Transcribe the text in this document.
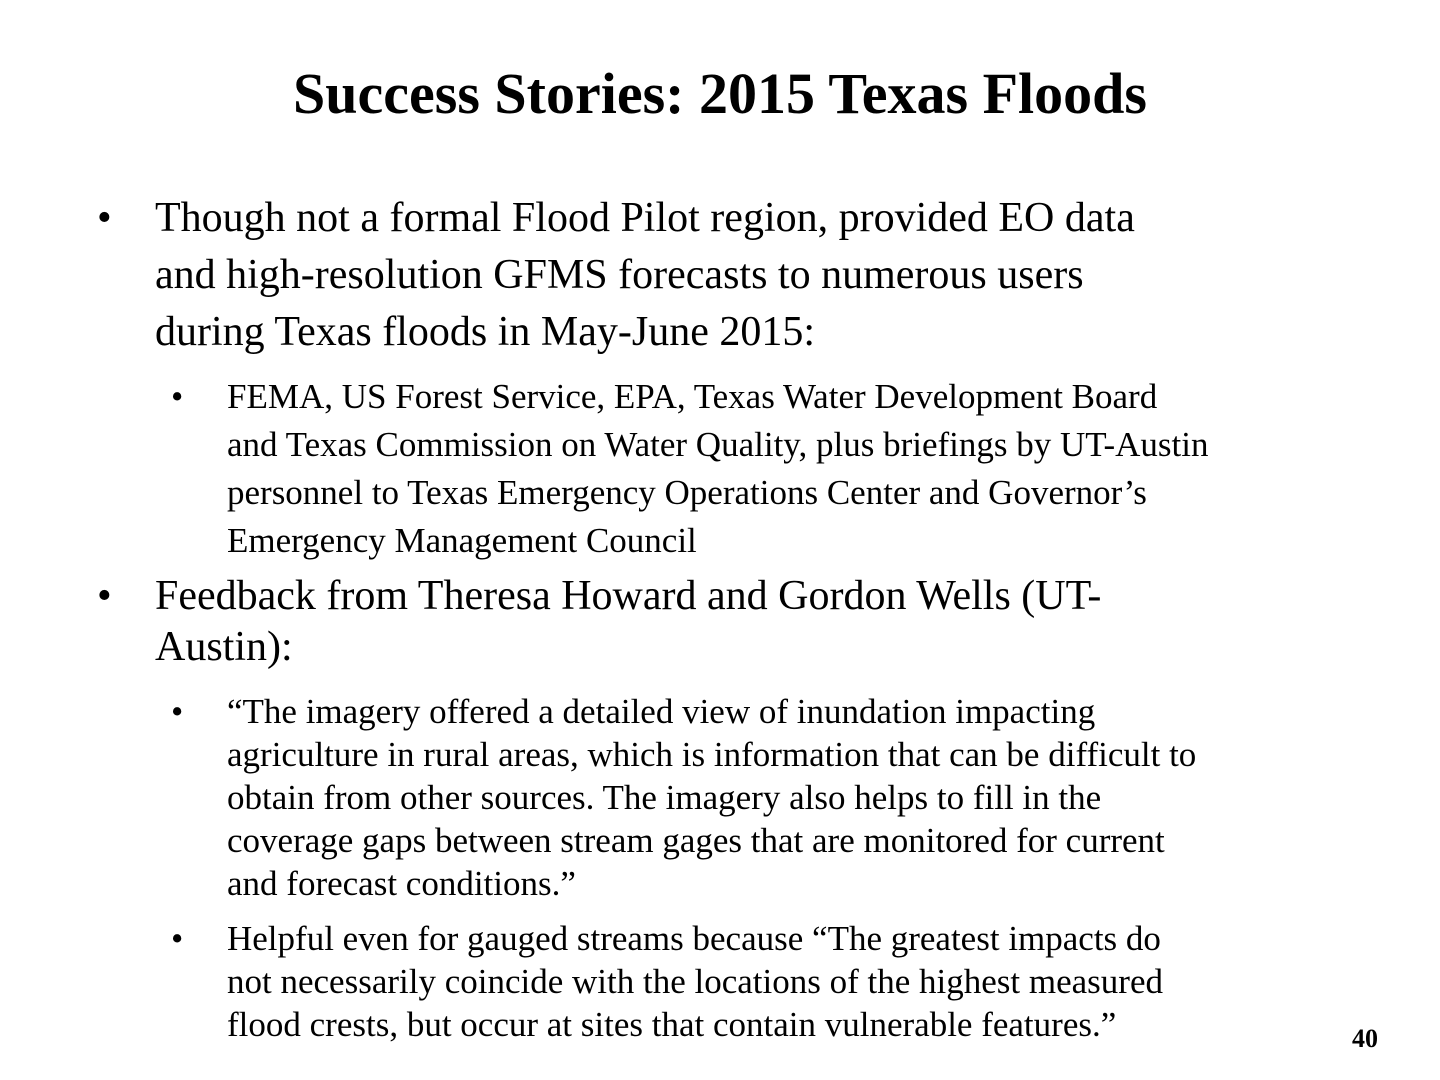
Success Stories: 2015 Texas Floods
• Though not a formal Flood Pilot region, provided EO data
and high-resolution GFMS forecasts to numerous users
during Texas floods in May-June 2015:
• FEMA, US Forest Service, EPA, Texas Water Development Board
and Texas Commission on Water Quality, plus briefings by UT-Austin
personnel to Texas Emergency Operations Center and Governor’s
Emergency Management Council
• Feedback from Theresa Howard and Gordon Wells (UT-
Austin):
• “The imagery offered a detailed view of inundation impacting
agriculture in rural areas, which is information that can be difficult to
obtain from other sources. The imagery also helps to fill in the
coverage gaps between stream gages that are monitored for current
and forecast conditions.”
• Helpful even for gauged streams because “The greatest impacts do
not necessarily coincide with the locations of the highest measured
flood crests, but occur at sites that contain vulnerable features.”	40
